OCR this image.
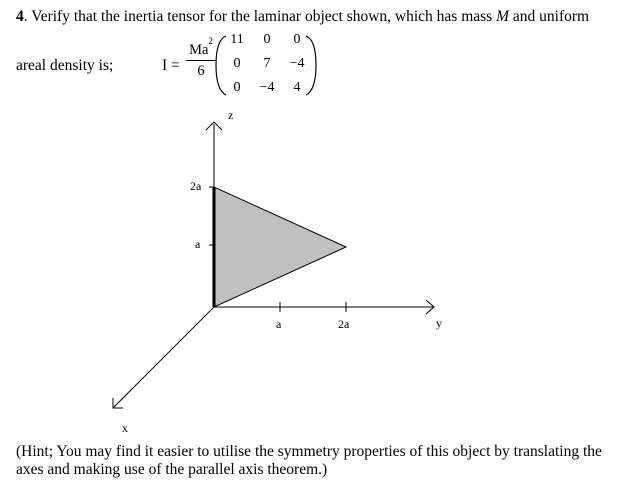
4. Verify that the inertia tensor for the laminar object shown, which has mass M and uniform
areal density is;	I =
$Ma^2$
6
11	0	0
0	7	−4
0	−4	4
z
y
x
2a
a
a	2a
(Hint; You may find it easier to utilise the symmetry properties of this object by translating the axes and making use of the parallel axis theorem.)
